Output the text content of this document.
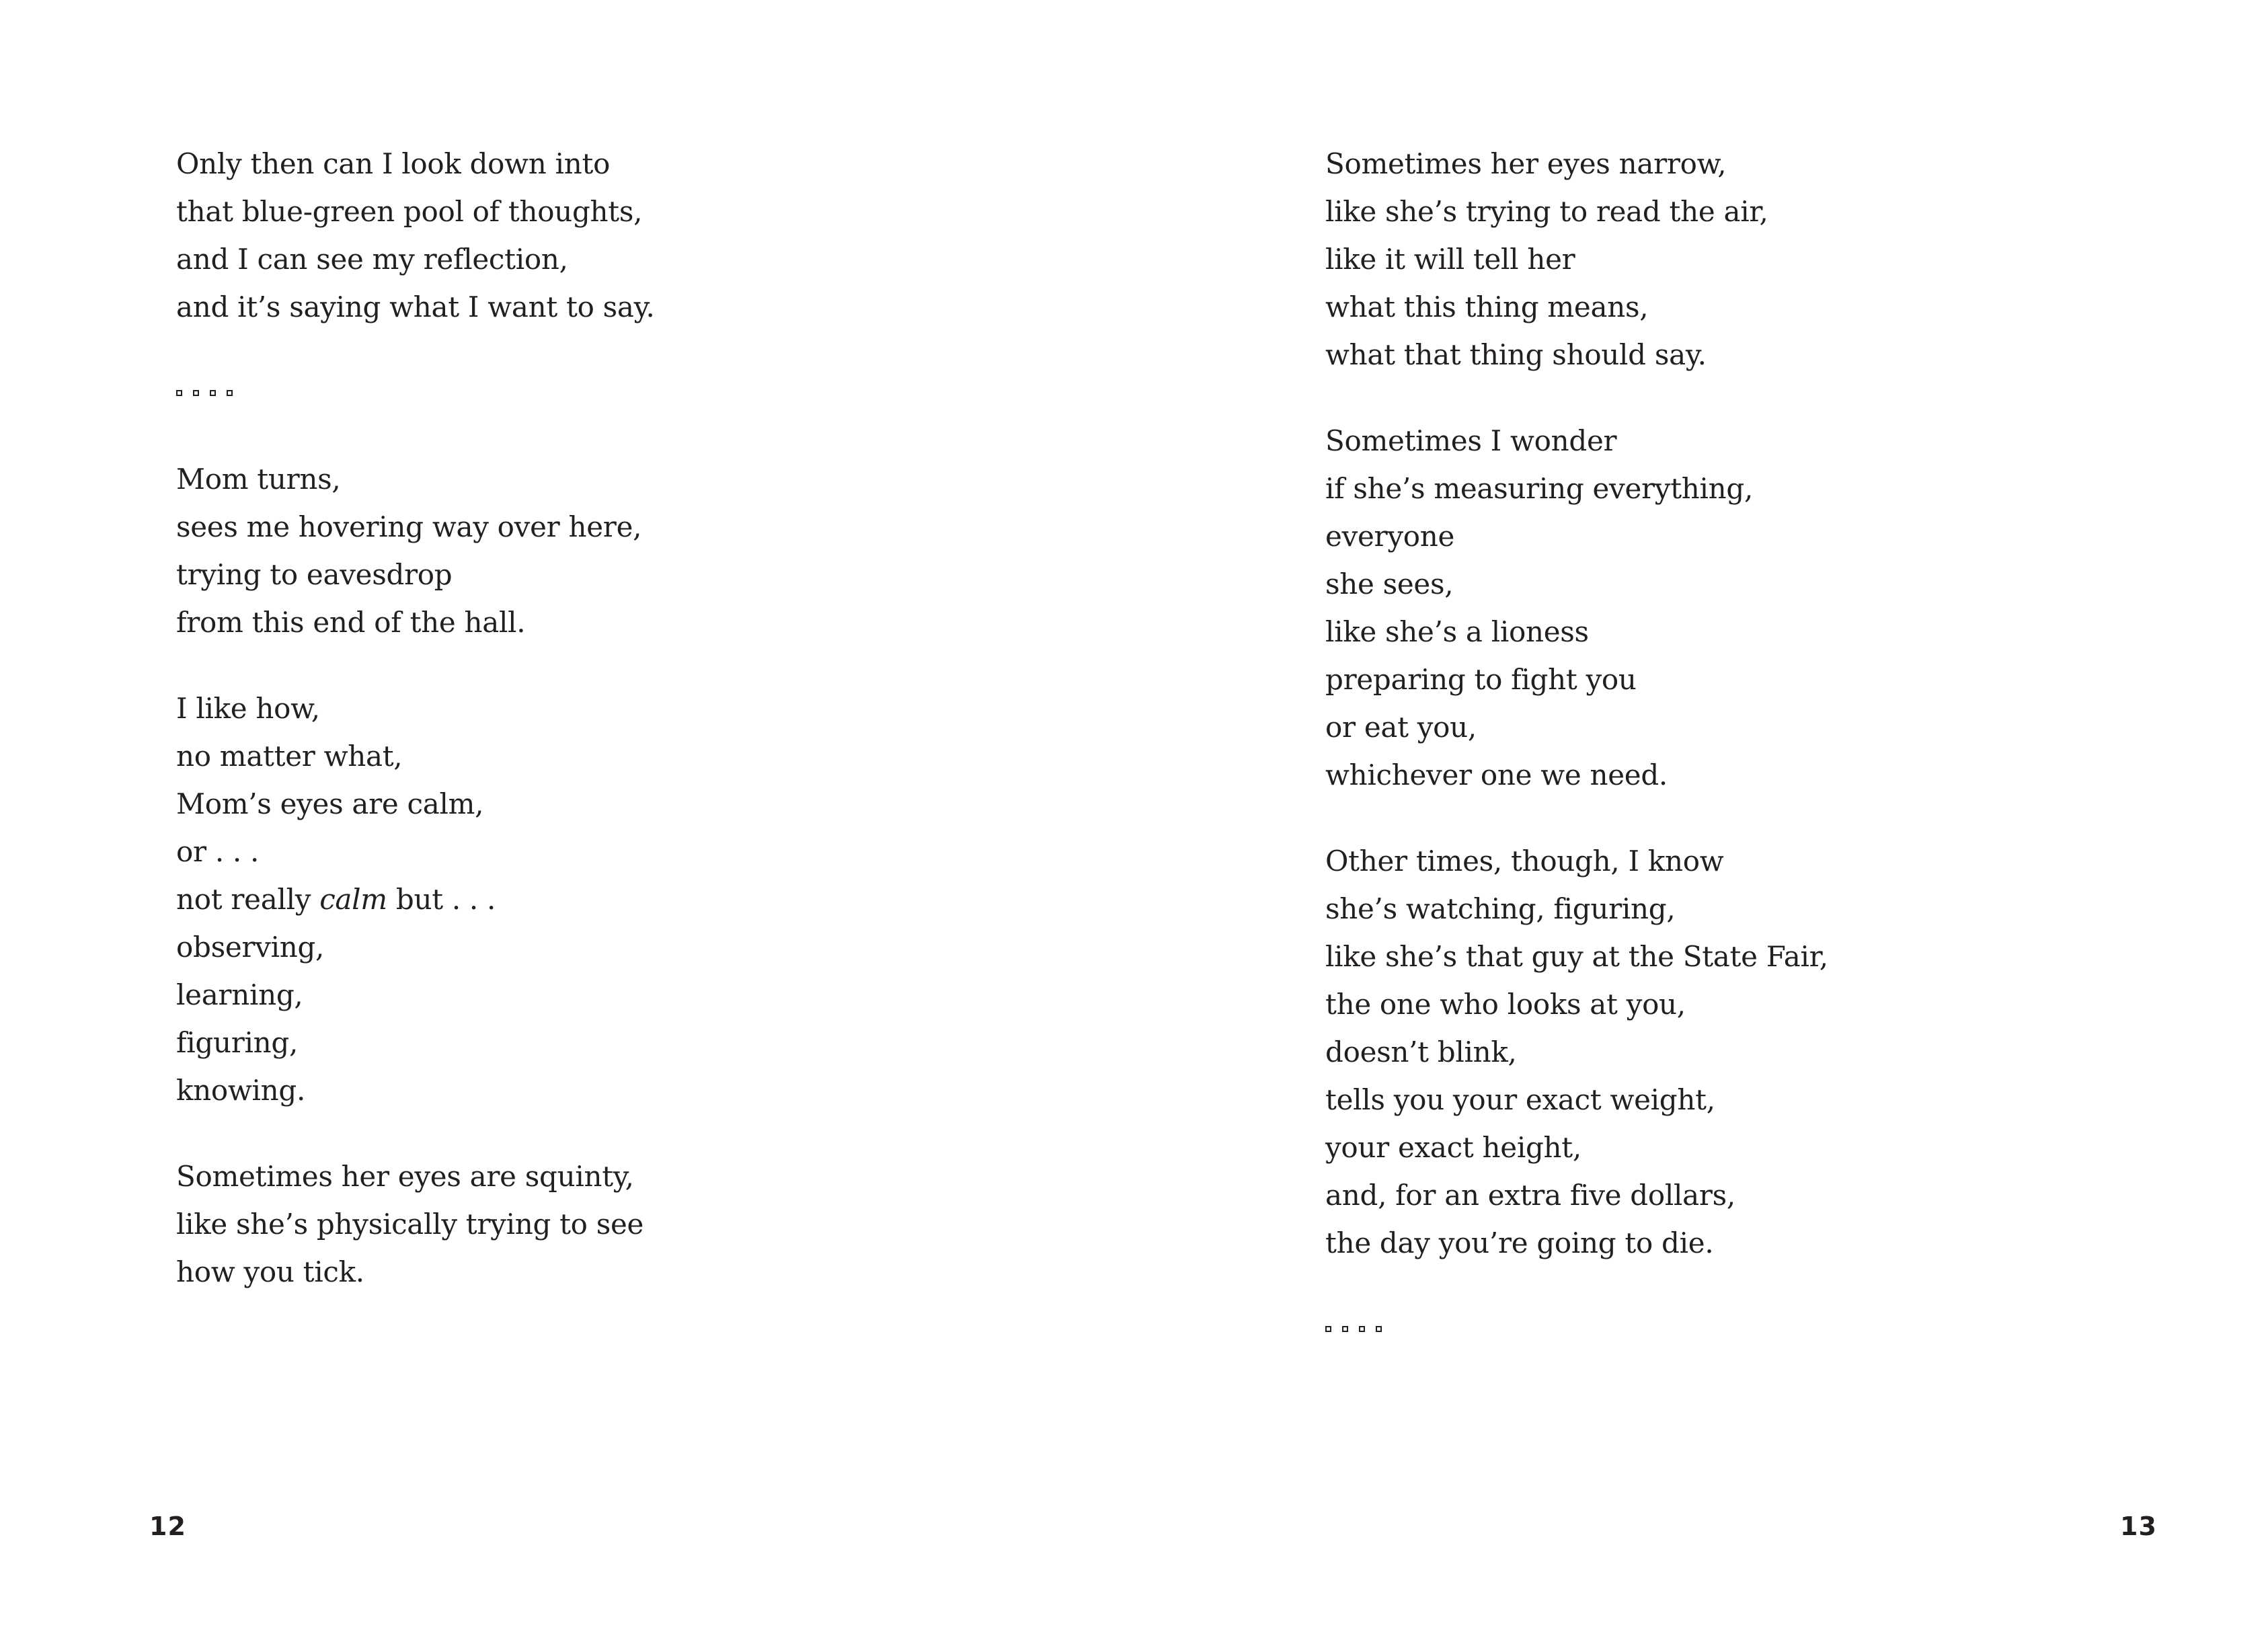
Only then can I look down into
that blue-green pool of thoughts,
and I can see my reflection,
and it’s saying what I want to say.
Mom turns,
sees me hovering way over here,
trying to eavesdrop
from this end of the hall.
I like how,
no matter what,
Mom’s eyes are calm,
or . . .
not really calm but . . .
observing,
learning,
figuring,
knowing.
Sometimes her eyes are squinty,
like she’s physically trying to see
how you tick.
12
Sometimes her eyes narrow,
like she’s trying to read the air,
like it will tell her
what this thing means,
what that thing should say.
Sometimes I wonder
if she’s measuring everything,
everyone
she sees,
like she’s a lioness
preparing to fight you
or eat you,
whichever one we need.
Other times, though, I know
she’s watching, figuring,
like she’s that guy at the State Fair,
the one who looks at you,
doesn’t blink,
tells you your exact weight,
your exact height,
and, for an extra five dollars,
the day you’re going to die.
13
